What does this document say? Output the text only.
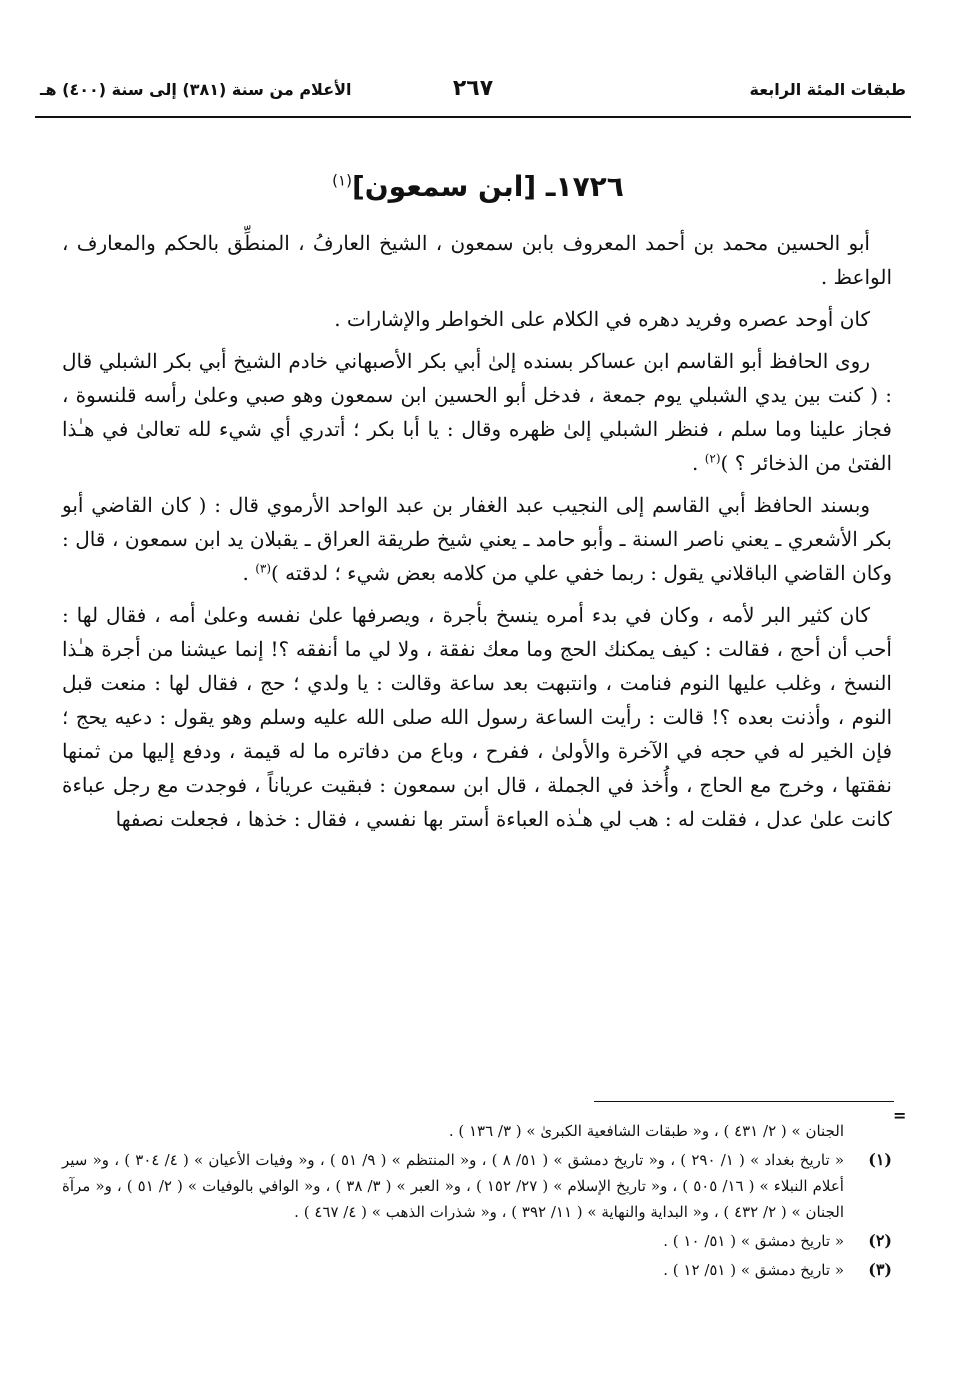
طبقات المئة الرابعة
٢٦٧
الأعلام من سنة (٣٨١) إلى سنة (٤٠٠) هـ
١٧٢٦ـ [ابن سمعون]$^{(١)}$

أبو الحسين محمد بن أحمد المعروف بابن سمعون ، الشيخ العارفُ ، المنطِّق بالحكم والمعارف ، الواعظ .

كان أوحد عصره وفريد دهره في الكلام على الخواطر والإشارات .

روى الحافظ أبو القاسم ابن عساكر بسنده إلىٰ أبي بكر الأصبهاني خادم الشيخ أبي بكر الشبلي قال : ( كنت بين يدي الشبلي يوم جمعة ، فدخل أبو الحسين ابن سمعون وهو صبي وعلىٰ رأسه قلنسوة ، فجاز علينا وما سلم ، فنظر الشبلي إلىٰ ظهره وقال : يا أبا بكر ؛ أتدري أي شيء لله تعالىٰ في هـٰذا الفتىٰ من الذخائر ؟ )$^{(٢)}$ .

وبسند الحافظ أبي القاسم إلى النجيب عبد الغفار بن عبد الواحد الأرموي قال : ( كان القاضي أبو بكر الأشعري ـ يعني ناصر السنة ـ وأبو حامد ـ يعني شيخ طريقة العراق ـ يقبلان يد ابن سمعون ، قال : وكان القاضي الباقلاني يقول : ربما خفي علي من كلامه بعض شيء ؛ لدقته )$^{(٣)}$ .

كان كثير البر لأمه ، وكان في بدء أمره ينسخ بأجرة ، ويصرفها علىٰ نفسه وعلىٰ أمه ، فقال لها : أحب أن أحج ، فقالت : كيف يمكنك الحج وما معك نفقة ، ولا لي ما أنفقه ؟! إنما عيشنا من أجرة هـٰذا النسخ ، وغلب عليها النوم فنامت ، وانتبهت بعد ساعة وقالت : يا ولدي ؛ حج ، فقال لها : منعت قبل النوم ، وأذنت بعده ؟! قالت : رأيت الساعة رسول الله صلى الله عليه وسلم وهو يقول : دعيه يحج ؛ فإن الخير له في حجه في الآخرة والأولىٰ ، ففرح ، وباع من دفاتره ما له قيمة ، ودفع إليها من ثمنها نفقتها ، وخرج مع الحاج ، وأُخذ في الجملة ، قال ابن سمعون : فبقيت عرياناً ، فوجدت مع رجل عباءة كانت علىٰ عدل ، فقلت له : هب لي هـٰذه العباءة أستر بها نفسي ، فقال : خذها ، فجعلت نصفها

=
الجنان » ( ٢/ ٤٣١ ) ، و« طبقات الشافعية الكبرىٰ » ( ٣/ ١٣٦ ) .
(١)
« تاريخ بغداد » ( ١/ ٢٩٠ ) ، و« تاريخ دمشق » ( ٥١/ ٨ ) ، و« المنتظم » ( ٩/ ٥١ ) ، و« وفيات الأعيان » ( ٤/ ٣٠٤ ) ، و« سير أعلام النبلاء » ( ١٦/ ٥٠٥ ) ، و« تاريخ الإسلام » ( ٢٧/ ١٥٢ ) ، و« العبر » ( ٣/ ٣٨ ) ، و« الوافي بالوفيات » ( ٢/ ٥١ ) ، و« مرآة الجنان » ( ٢/ ٤٣٢ ) ، و« البداية والنهاية » ( ١١/ ٣٩٢ ) ، و« شذرات الذهب » ( ٤/ ٤٦٧ ) .
(٢)
« تاريخ دمشق » ( ٥١/ ١٠ ) .
(٣)
« تاريخ دمشق » ( ٥١/ ١٢ ) .
